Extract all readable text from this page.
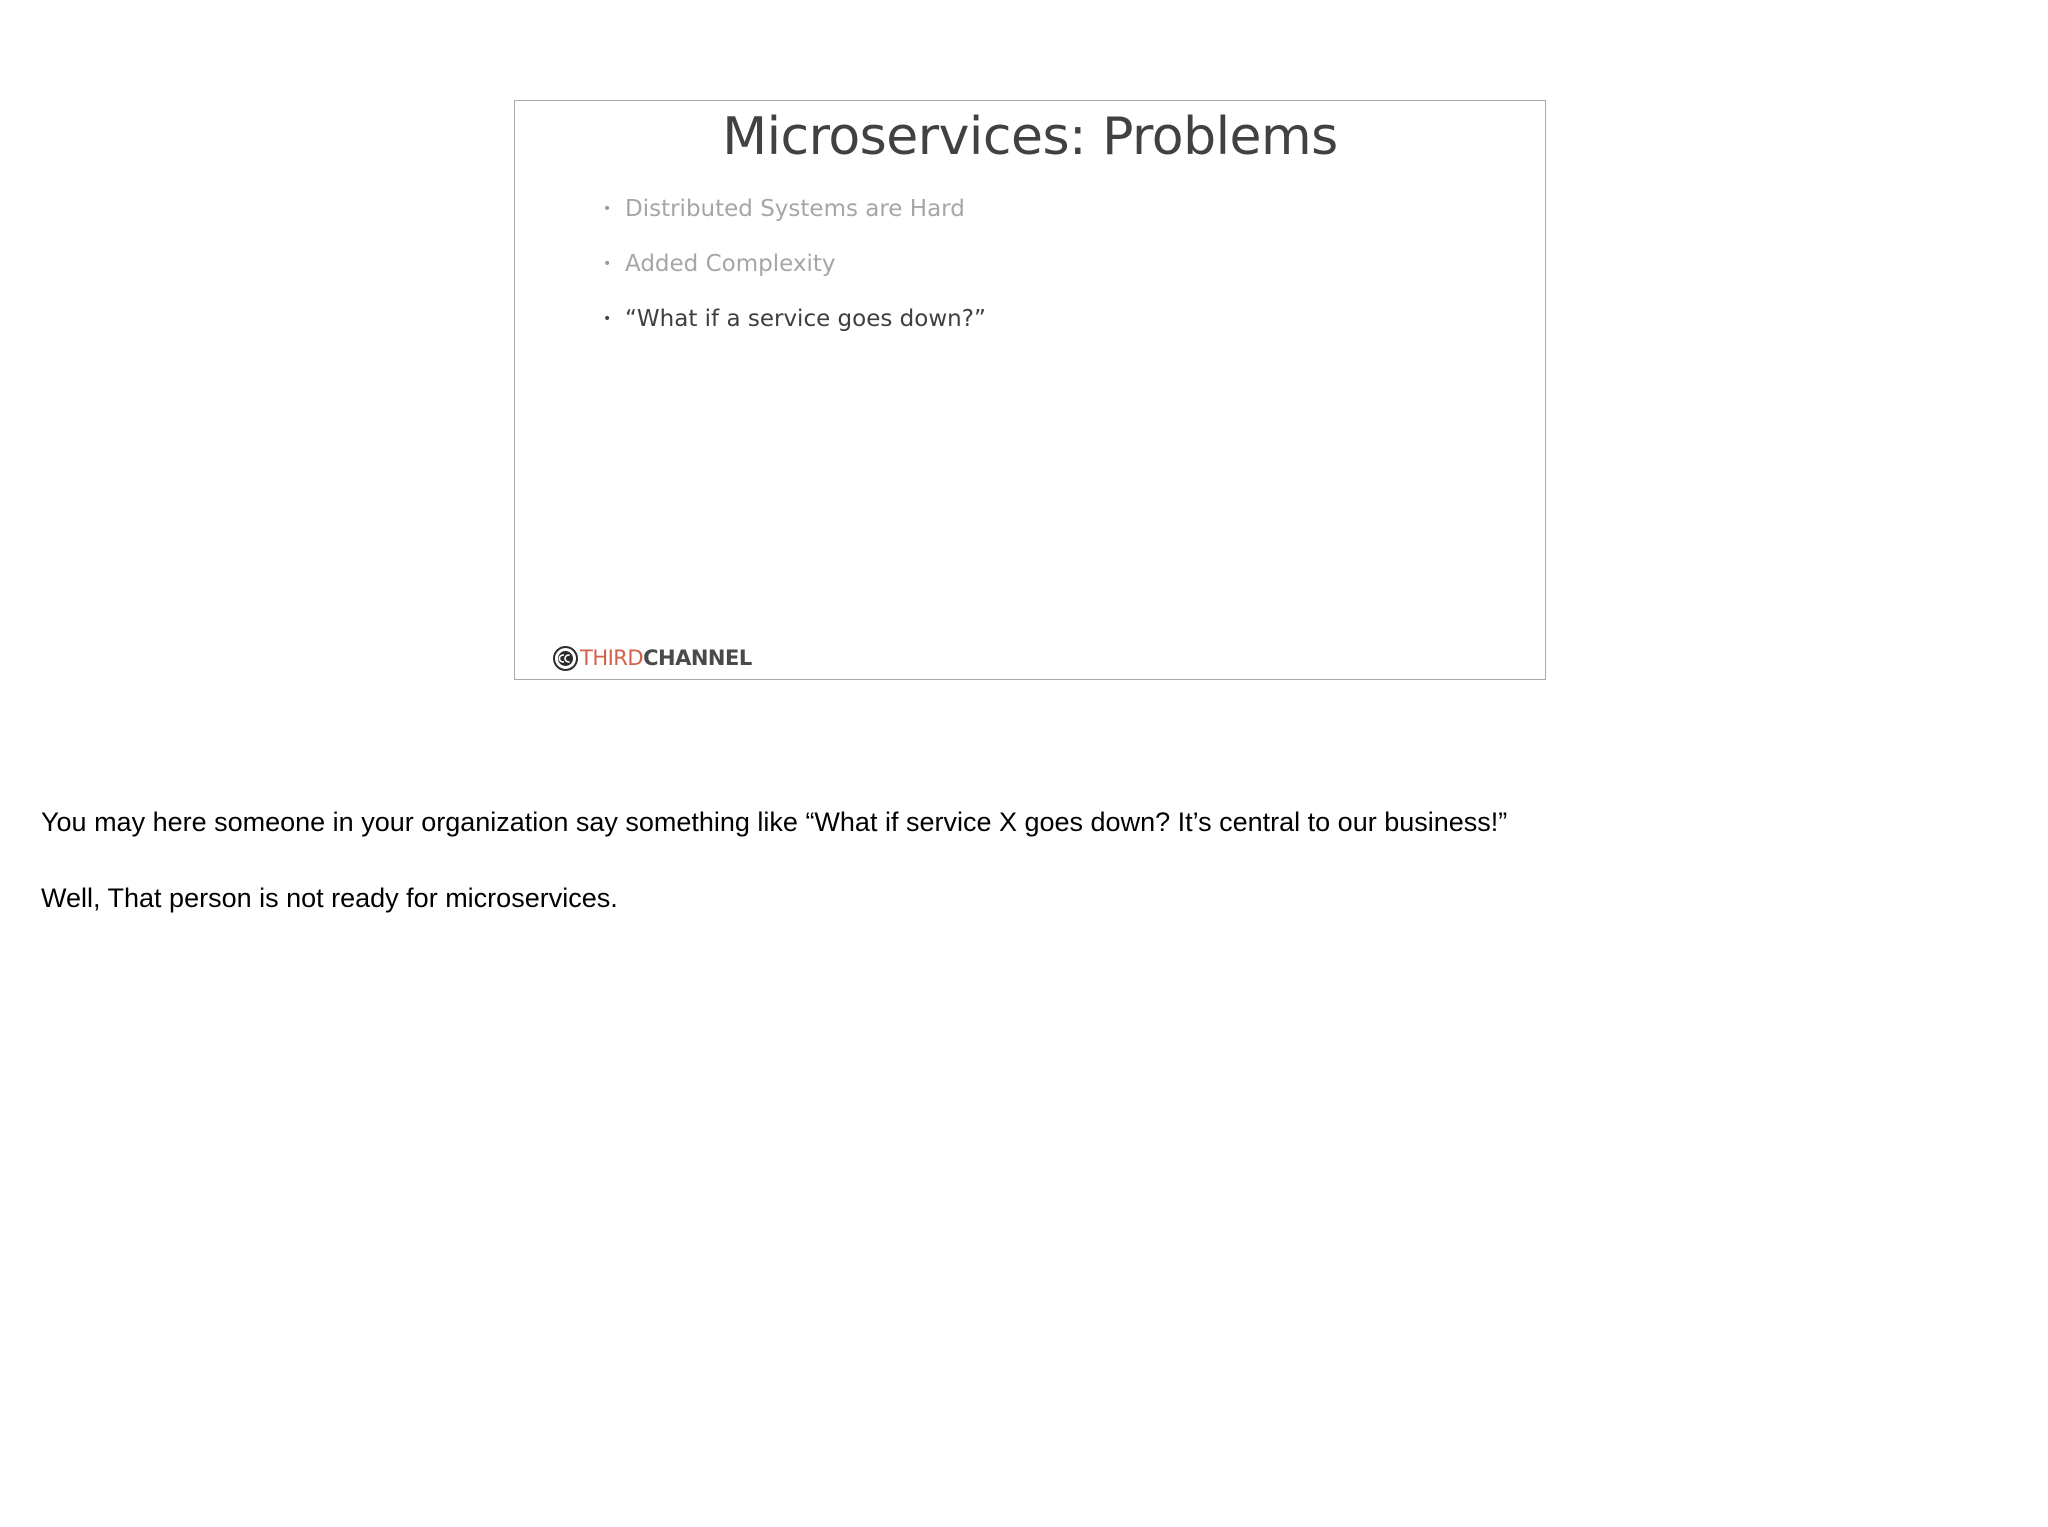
Microservices: Problems
• Distributed Systems are Hard
• Added Complexity
• “What if a service goes down?”
THIRD CHANNEL

You may here someone in your organization say something like “What if service X goes down? It’s central to our business!”

Well, That person is not ready for microservices.
